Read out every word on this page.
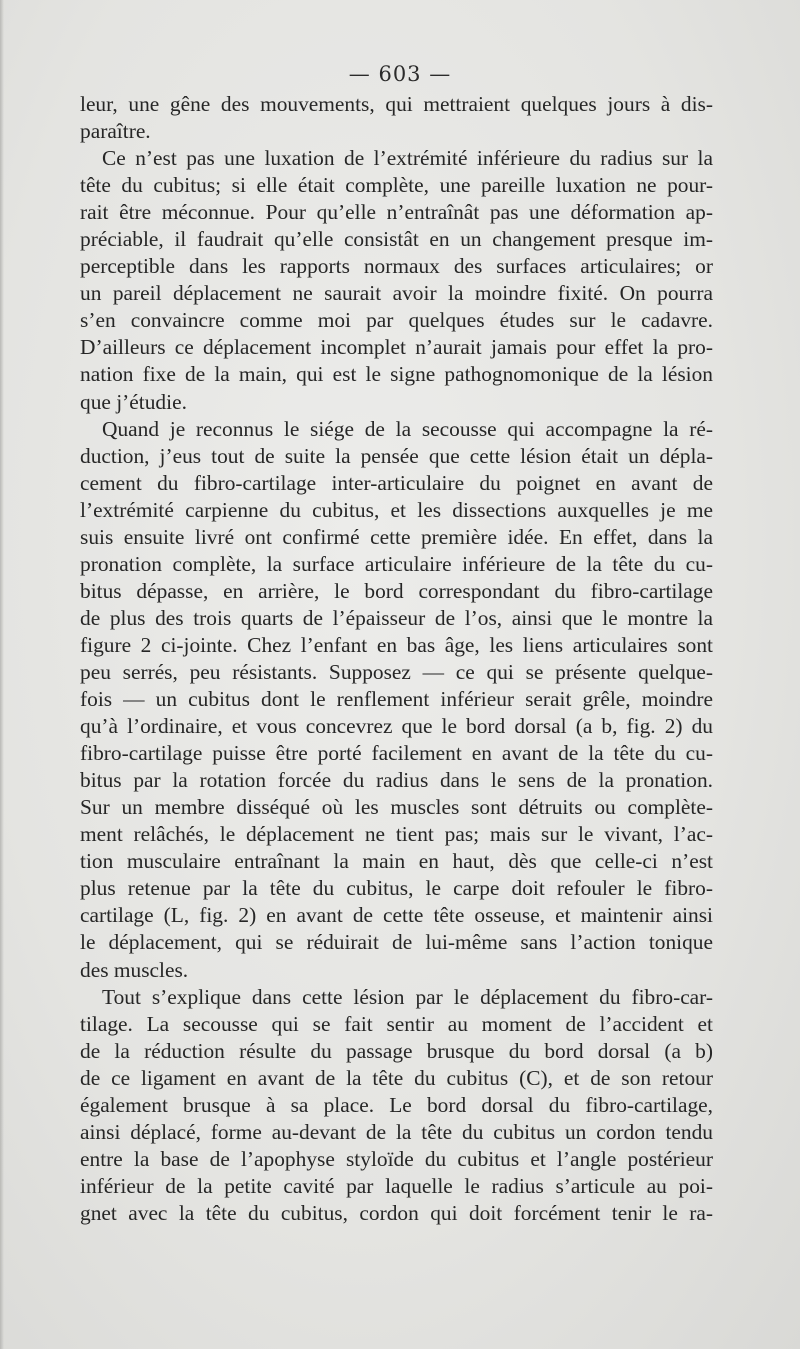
— 603 —
leur, une gêne des mouvements, qui mettraient quelques jours à dis-
paraître.
Ce n’est pas une luxation de l’extrémité inférieure du radius sur la
tête du cubitus; si elle était complète, une pareille luxation ne pour-
rait être méconnue. Pour qu’elle n’entraînât pas une déformation ap-
préciable, il faudrait qu’elle consistât en un changement presque im-
perceptible dans les rapports normaux des surfaces articulaires; or
un pareil déplacement ne saurait avoir la moindre fixité. On pourra
s’en convaincre comme moi par quelques études sur le cadavre.
D’ailleurs ce déplacement incomplet n’aurait jamais pour effet la pro-
nation fixe de la main, qui est le signe pathognomonique de la lésion
que j’étudie.
Quand je reconnus le siége de la secousse qui accompagne la ré-
duction, j’eus tout de suite la pensée que cette lésion était un dépla-
cement du fibro-cartilage inter-articulaire du poignet en avant de
l’extrémité carpienne du cubitus, et les dissections auxquelles je me
suis ensuite livré ont confirmé cette première idée. En effet, dans la
pronation complète, la surface articulaire inférieure de la tête du cu-
bitus dépasse, en arrière, le bord correspondant du fibro-cartilage
de plus des trois quarts de l’épaisseur de l’os, ainsi que le montre la
figure 2 ci-jointe. Chez l’enfant en bas âge, les liens articulaires sont
peu serrés, peu résistants. Supposez — ce qui se présente quelque-
fois — un cubitus dont le renflement inférieur serait grêle, moindre
qu’à l’ordinaire, et vous concevrez que le bord dorsal (a b, fig. 2) du
fibro-cartilage puisse être porté facilement en avant de la tête du cu-
bitus par la rotation forcée du radius dans le sens de la pronation.
Sur un membre disséqué où les muscles sont détruits ou complète-
ment relâchés, le déplacement ne tient pas; mais sur le vivant, l’ac-
tion musculaire entraînant la main en haut, dès que celle-ci n’est
plus retenue par la tête du cubitus, le carpe doit refouler le fibro-
cartilage (L, fig. 2) en avant de cette tête osseuse, et maintenir ainsi
le déplacement, qui se réduirait de lui-même sans l’action tonique
des muscles.
Tout s’explique dans cette lésion par le déplacement du fibro-car-
tilage. La secousse qui se fait sentir au moment de l’accident et
de la réduction résulte du passage brusque du bord dorsal (a b)
de ce ligament en avant de la tête du cubitus (C), et de son retour
également brusque à sa place. Le bord dorsal du fibro-cartilage,
ainsi déplacé, forme au-devant de la tête du cubitus un cordon tendu
entre la base de l’apophyse styloïde du cubitus et l’angle postérieur
inférieur de la petite cavité par laquelle le radius s’articule au poi-
gnet avec la tête du cubitus, cordon qui doit forcément tenir le ra-
